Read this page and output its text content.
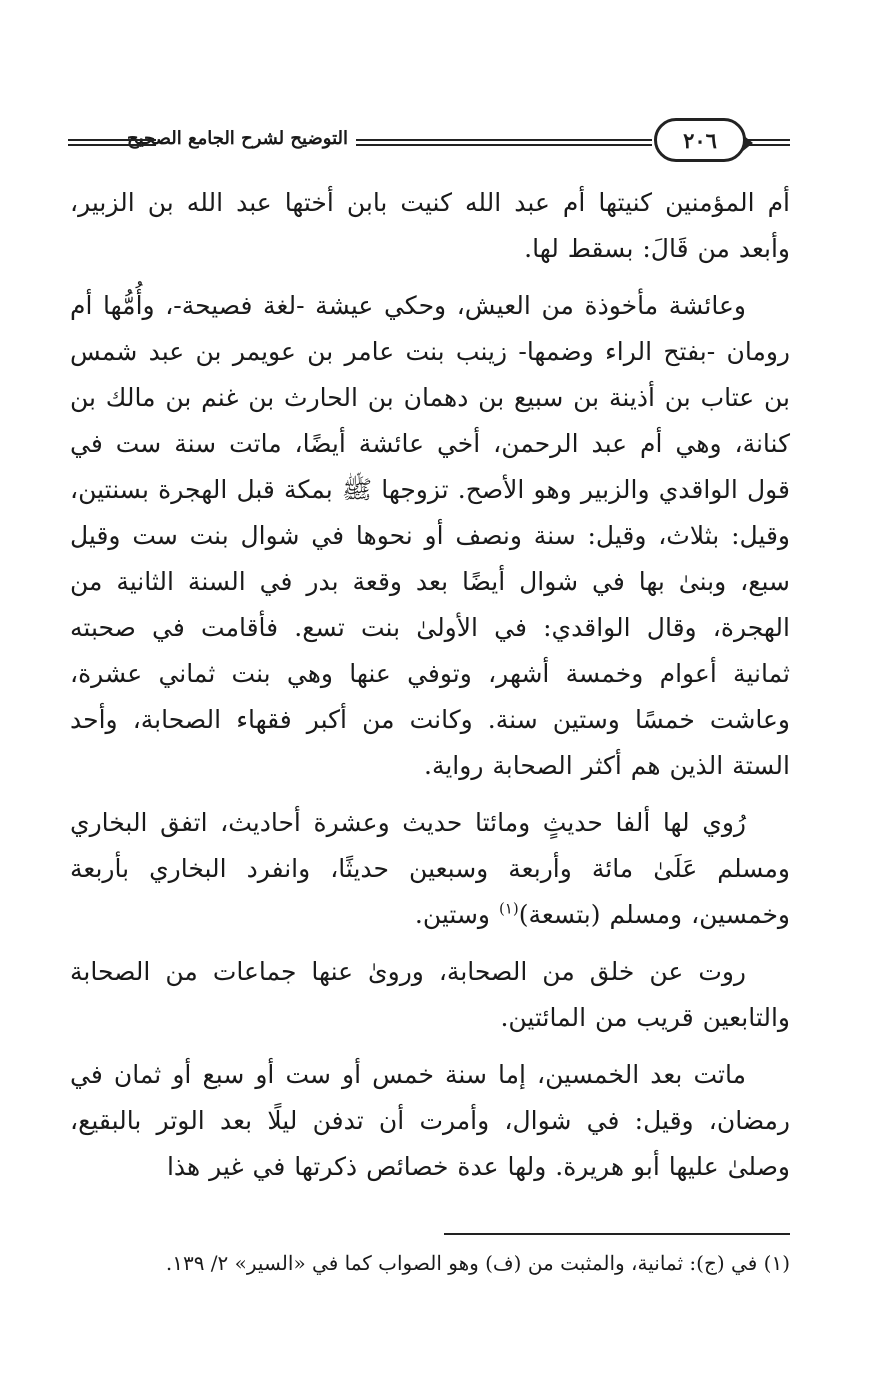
٢٠٦
التوضيح لشرح الجامع الصحيح

أم المؤمنين كنيتها أم عبد الله كنيت بابن أختها عبد الله بن الزبير، وأبعد من قَالَ: بسقط لها.

وعائشة مأخوذة من العيش، وحكي عيشة -لغة فصيحة-، وأُمُّها أم رومان -بفتح الراء وضمها- زينب بنت عامر بن عويمر بن عبد شمس بن عتاب بن أذينة بن سبيع بن دهمان بن الحارث بن غنم بن مالك بن كنانة، وهي أم عبد الرحمن، أخي عائشة أيضًا، ماتت سنة ست في قول الواقدي والزبير وهو الأصح. تزوجها ﷺ بمكة قبل الهجرة بسنتين، وقيل: بثلاث، وقيل: سنة ونصف أو نحوها في شوال بنت ست وقيل سبع، وبنىٰ بها في شوال أيضًا بعد وقعة بدر في السنة الثانية من الهجرة، وقال الواقدي: في الأولىٰ بنت تسع. فأقامت في صحبته ثمانية أعوام وخمسة أشهر، وتوفي عنها وهي بنت ثماني عشرة، وعاشت خمسًا وستين سنة. وكانت من أكبر فقهاء الصحابة، وأحد الستة الذين هم أكثر الصحابة رواية.

رُوي لها ألفا حديثٍ ومائتا حديث وعشرة أحاديث، اتفق البخاري ومسلم عَلَىٰ مائة وأربعة وسبعين حديثًا، وانفرد البخاري بأربعة وخمسين، ومسلم (بتسعة)$^{(١)}$ وستين.

روت عن خلق من الصحابة، وروىٰ عنها جماعات من الصحابة والتابعين قريب من المائتين.

ماتت بعد الخمسين، إما سنة خمس أو ست أو سبع أو ثمان في رمضان، وقيل: في شوال، وأمرت أن تدفن ليلًا بعد الوتر بالبقيع، وصلىٰ عليها أبو هريرة. ولها عدة خصائص ذكرتها في غير هذا

(١) في (ج): ثمانية، والمثبت من (ف) وهو الصواب كما في «السير» ٢/ ١٣٩.
